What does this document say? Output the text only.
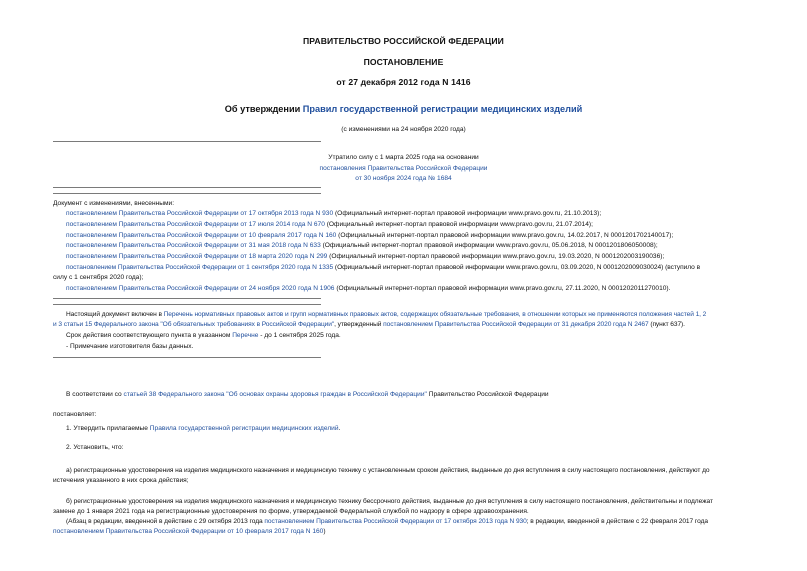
ПРАВИТЕЛЬСТВО РОССИЙСКОЙ ФЕДЕРАЦИИ
ПОСТАНОВЛЕНИЕ
от 27 декабря 2012 года N 1416
Об утверждении Правил государственной регистрации медицинских изделий
(с изменениями на 24 ноября 2020 года)
Утратило силу с 1 марта 2025 года на основании
постановления Правительства Российской Федерации
от 30 ноября 2024 года № 1684
Документ с изменениями, внесенными:
постановлением Правительства Российской Федерации от 17 октября 2013 года N 930 (Официальный интернет-портал правовой информации www.pravo.gov.ru, 21.10.2013);
постановлением Правительства Российской Федерации от 17 июля 2014 года N 670 (Официальный интернет-портал правовой информации www.pravo.gov.ru, 21.07.2014);
постановлением Правительства Российской Федерации от 10 февраля 2017 года N 160 (Официальный интернет-портал правовой информации www.pravo.gov.ru, 14.02.2017, N 0001201702140017);
постановлением Правительства Российской Федерации от 31 мая 2018 года N 633 (Официальный интернет-портал правовой информации www.pravo.gov.ru, 05.06.2018, N 0001201806050008);
постановлением Правительства Российской Федерации от 18 марта 2020 года N 299 (Официальный интернет-портал правовой информации www.pravo.gov.ru, 19.03.2020, N 0001202003190036);
постановлением Правительства Российской Федерации от 1 сентября 2020 года N 1335 (Официальный интернет-портал правовой информации www.pravo.gov.ru, 03.09.2020, N 0001202009030024) (вступило в
силу с 1 сентября 2020 года);
постановлением Правительства Российской Федерации от 24 ноября 2020 года N 1906 (Официальный интернет-портал правовой информации www.pravo.gov.ru, 27.11.2020, N 0001202011270010).
Настоящий документ включен в Перечень нормативных правовых актов и групп нормативных правовых актов, содержащих обязательные требования, в отношении которых не применяются положения частей 1, 2
и 3 статьи 15 Федерального закона "Об обязательных требованиях в Российской Федерации", утвержденный постановлением Правительства Российской Федерации от 31 декабря 2020 года N 2467 (пункт 637).
Срок действия соответствующего пункта в указанном Перечне - до 1 сентября 2025 года.
- Примечание изготовителя базы данных.
В соответствии со статьей 38 Федерального закона "Об основах охраны здоровья граждан в Российской Федерации" Правительство Российской Федерации
постановляет:
1. Утвердить прилагаемые Правила государственной регистрации медицинских изделий.
2. Установить, что:
а) регистрационные удостоверения на изделия медицинского назначения и медицинскую технику с установленным сроком действия, выданные до дня вступления в силу настоящего постановления, действуют до
истечения указанного в них срока действия;
б) регистрационные удостоверения на изделия медицинского назначения и медицинскую технику бессрочного действия, выданные до дня вступления в силу настоящего постановления, действительны и подлежат
замене до 1 января 2021 года на регистрационные удостоверения по форме, утверждаемой Федеральной службой по надзору в сфере здравоохранения.
(Абзац в редакции, введенной в действие с 29 октября 2013 года постановлением Правительства Российской Федерации от 17 октября 2013 года N 930; в редакции, введенной в действие с 22 февраля 2017 года
постановлением Правительства Российской Федерации от 10 февраля 2017 года N 160)
